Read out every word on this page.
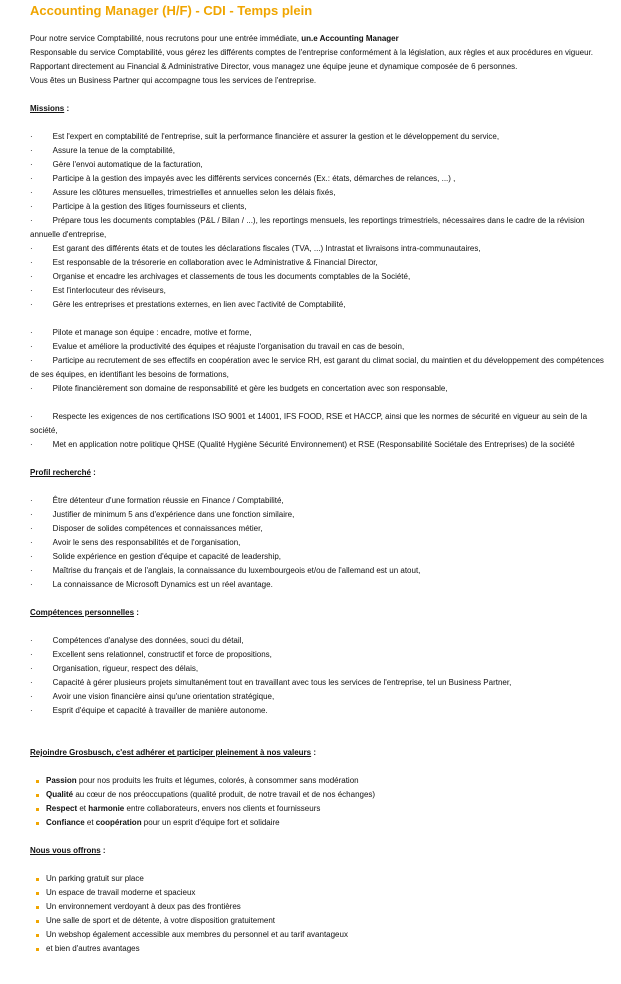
Accounting Manager (H/F) - CDI - Temps plein

Pour notre service Comptabilité, nous recrutons pour une entrée immédiate, un.e Accounting Manager

Responsable du service Comptabilité, vous gérez les différents comptes de l'entreprise conformément à la législation, aux règles et aux procédures en vigueur.

Rapportant directement au Financial & Administrative Director, vous managez une équipe jeune et dynamique composée de 6 personnes.

Vous êtes un Business Partner qui accompagne tous les services de l'entreprise.

Missions :

·	Est l'expert en comptabilité de l'entreprise, suit la performance financière et assurer la gestion et le développement du service,

·	Assure la tenue de la comptabilité,

·	Gère l'envoi automatique de la facturation,

·	Participe à la gestion des impayés avec les différents services concernés (Ex.: états, démarches de relances, ...) ,

·	Assure les clôtures mensuelles, trimestrielles et annuelles selon les délais fixés,

·	Participe à la gestion des litiges fournisseurs et clients,

·	Prépare tous les documents comptables (P&L / Bilan / ...), les reportings mensuels, les reportings trimestriels, nécessaires dans le cadre de la révision annuelle d'entreprise,

·	Est garant des différents états et de toutes les déclarations fiscales (TVA, ...) Intrastat et livraisons intra-communautaires,

·	Est responsable de la trésorerie en collaboration avec le Administrative & Financial Director,

·	Organise et encadre les archivages et classements de tous les documents comptables de la Société,

·	Est l'interlocuteur des réviseurs,

·	Gère les entreprises et prestations externes, en lien avec l'activité de Comptabilité,

·	Pilote et manage son équipe : encadre, motive et forme,

·	Evalue et améliore la productivité des équipes et réajuste l'organisation du travail en cas de besoin,

·	Participe au recrutement de ses effectifs en coopération avec le service RH, est garant du climat social, du maintien et du développement des compétences de ses équipes, en identifiant les besoins de formations,

·	Pilote financièrement son domaine de responsabilité et gère les budgets en concertation avec son responsable,

·	Respecte les exigences de nos certifications ISO 9001 et 14001, IFS FOOD, RSE et HACCP, ainsi que les normes de sécurité en vigueur au sein de la société,

·	Met en application notre politique QHSE (Qualité Hygiène Sécurité Environnement) et RSE (Responsabilité Sociétale des Entreprises) de la société

Profil recherché :

·	Être détenteur d'une formation réussie en Finance / Comptabilité,

·	Justifier de minimum 5 ans d'expérience dans une fonction similaire,

·	Disposer de solides compétences et connaissances métier,

·	Avoir le sens des responsabilités et de l'organisation,

·	Solide expérience en gestion d'équipe et capacité de leadership,

·	Maîtrise du français et de l'anglais, la connaissance du luxembourgeois et/ou de l'allemand est un atout,

·	La connaissance de Microsoft Dynamics est un réel avantage.

Compétences personnelles :

·	Compétences d'analyse des données, souci du détail,

·	Excellent sens relationnel, constructif et force de propositions,

·	Organisation, rigueur, respect des délais,

·	Capacité à gérer plusieurs projets simultanément tout en travaillant avec tous les services de l'entreprise, tel un Business Partner,

·	Avoir une vision financière ainsi qu'une orientation stratégique,

·	Esprit d'équipe et capacité à travailler de manière autonome.

Rejoindre Grosbusch, c'est adhérer et participer pleinement à nos valeurs :

Passion pour nos produits les fruits et légumes, colorés, à consommer sans modération
Qualité au cœur de nos préoccupations (qualité produit, de notre travail et de nos échanges)
Respect et harmonie entre collaborateurs, envers nos clients et fournisseurs
Confiance et coopération pour un esprit d'équipe fort et solidaire

Nous vous offrons :

Un parking gratuit sur place
Un espace de travail moderne et spacieux
Un environnement verdoyant à deux pas des frontières
Une salle de sport et de détente, à votre disposition gratuitement
Un webshop également accessible aux membres du personnel et au tarif avantageux
et bien d'autres avantages
